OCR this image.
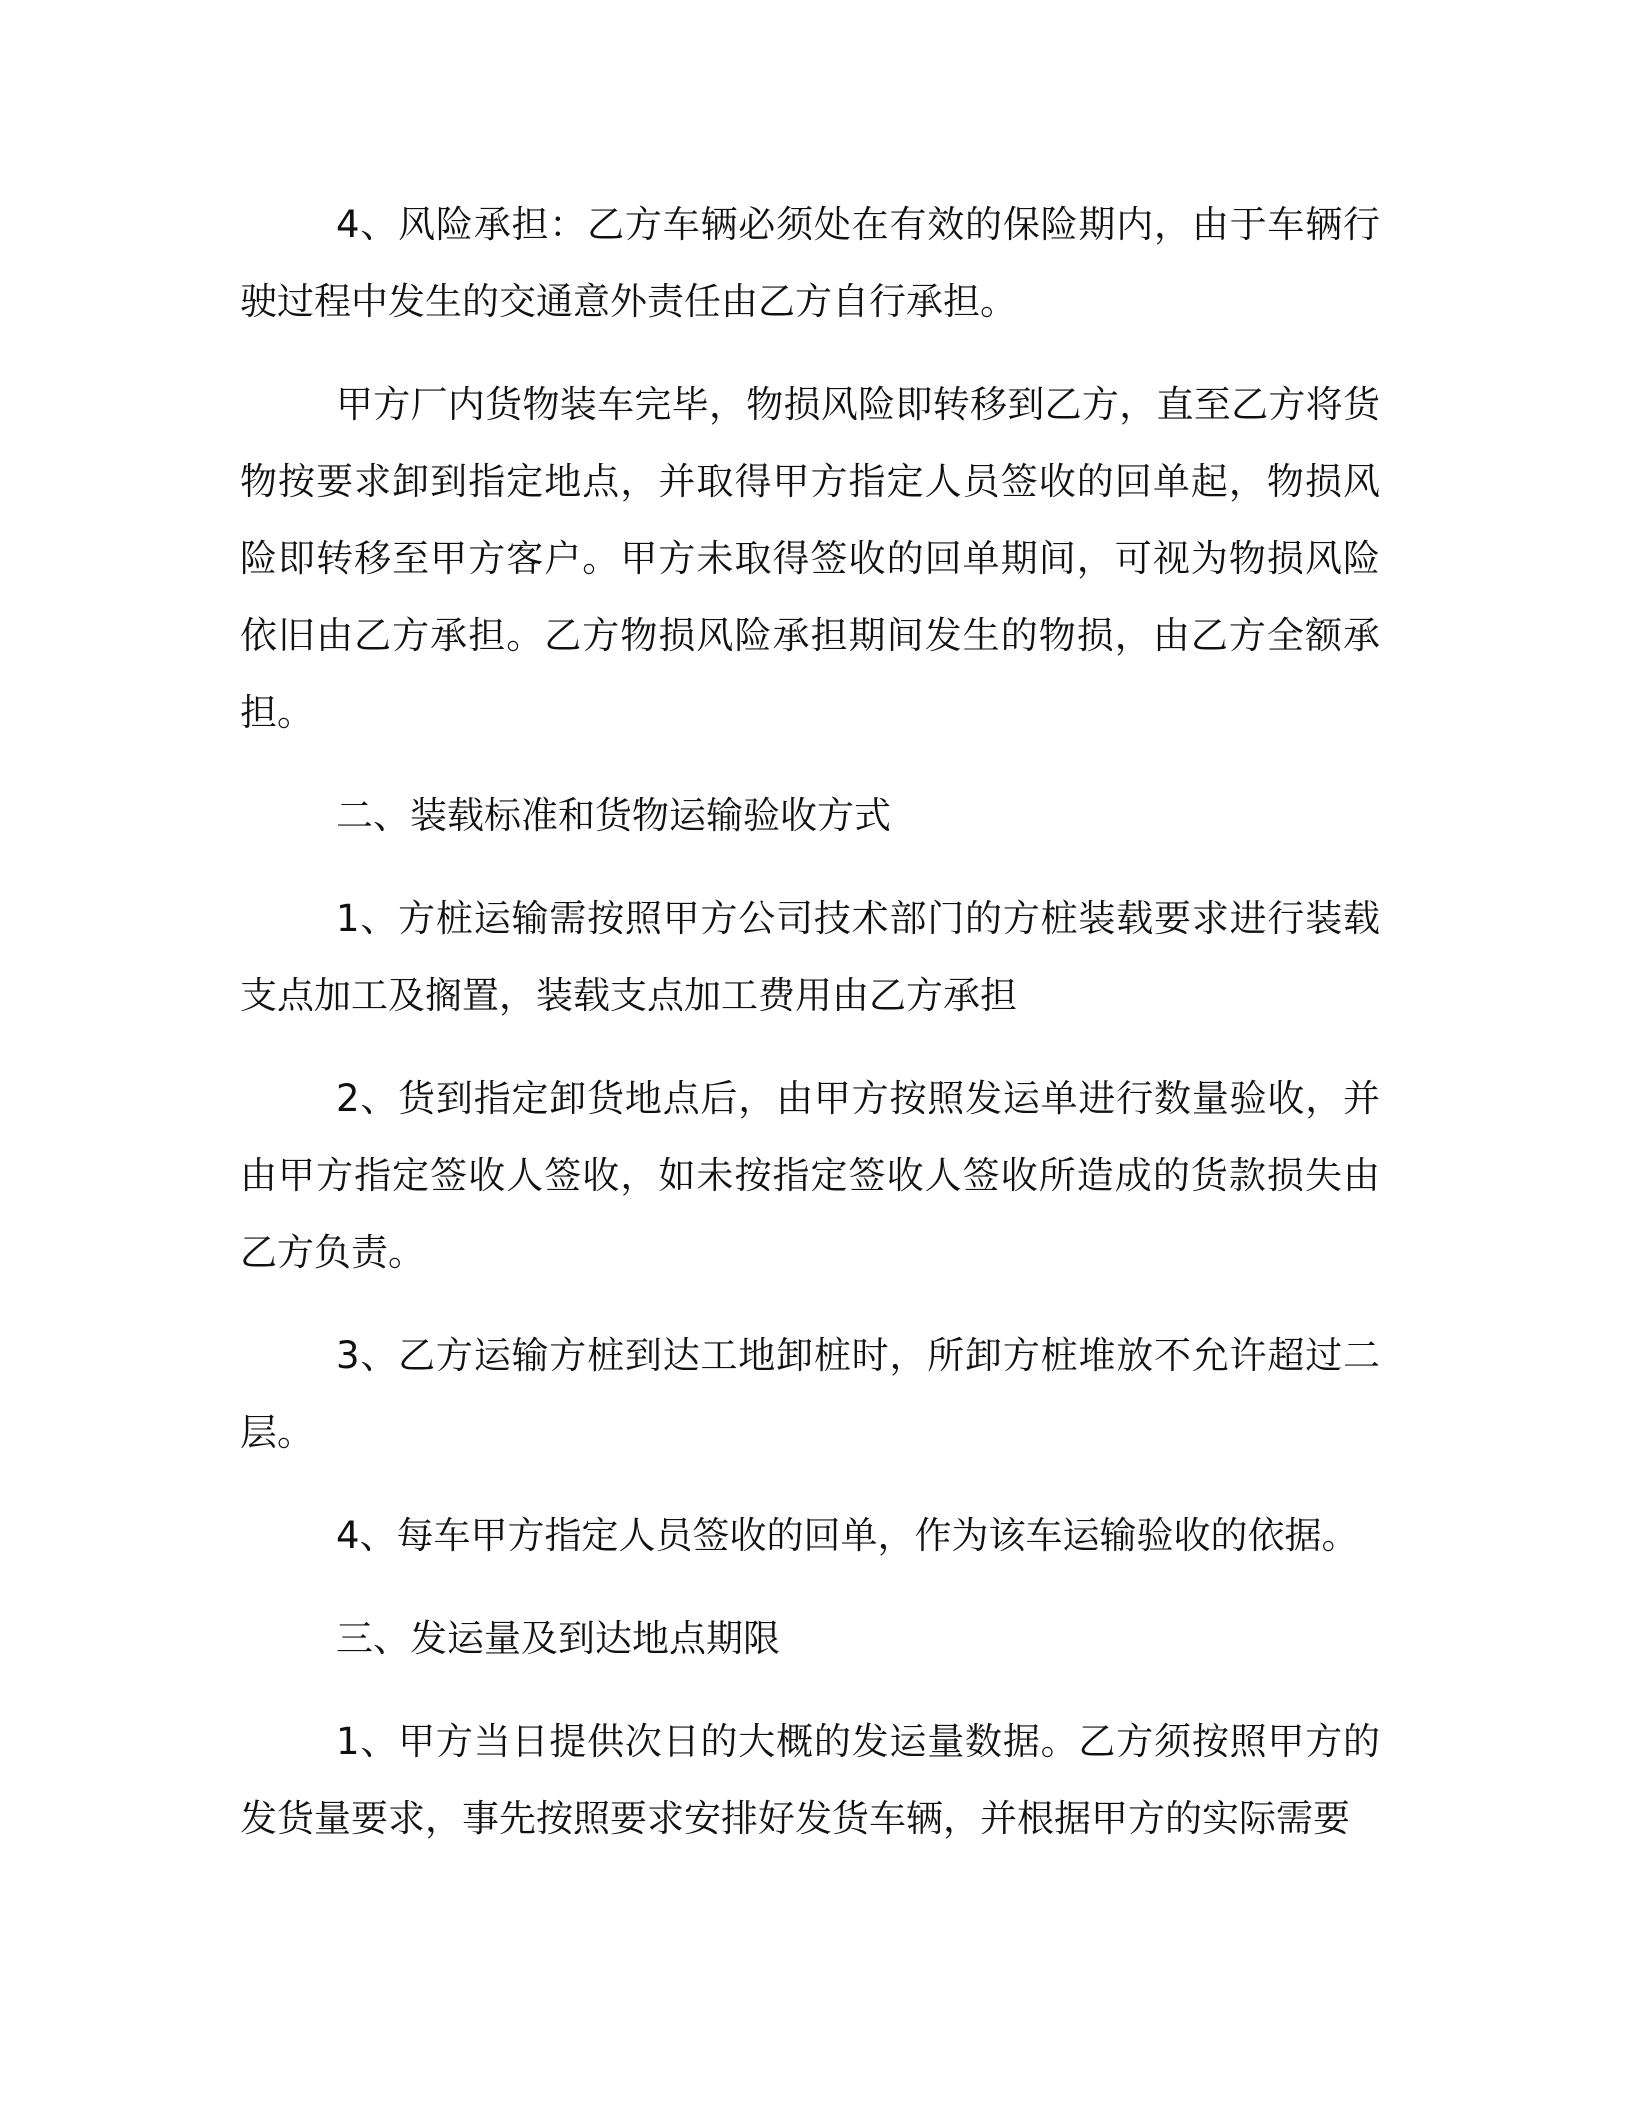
4、风险承担：乙方车辆必须处在有效的保险期内，由于车辆行驶过程中发生的交通意外责任由乙方自行承担。

甲方厂内货物装车完毕，物损风险即转移到乙方，直至乙方将货物按要求卸到指定地点，并取得甲方指定人员签收的回单起，物损风险即转移至甲方客户。甲方未取得签收的回单期间，可视为物损风险依旧由乙方承担。乙方物损风险承担期间发生的物损，由乙方全额承担。

二、装载标准和货物运输验收方式

1、方桩运输需按照甲方公司技术部门的方桩装载要求进行装载支点加工及搁置，装载支点加工费用由乙方承担

2、货到指定卸货地点后，由甲方按照发运单进行数量验收，并由甲方指定签收人签收，如未按指定签收人签收所造成的货款损失由乙方负责。

3、乙方运输方桩到达工地卸桩时，所卸方桩堆放不允许超过二层。

4、每车甲方指定人员签收的回单，作为该车运输验收的依据。

三、发运量及到达地点期限

1、甲方当日提供次日的大概的发运量数据。乙方须按照甲方的发货量要求，事先按照要求安排好发货车辆，并根据甲方的实际需要
